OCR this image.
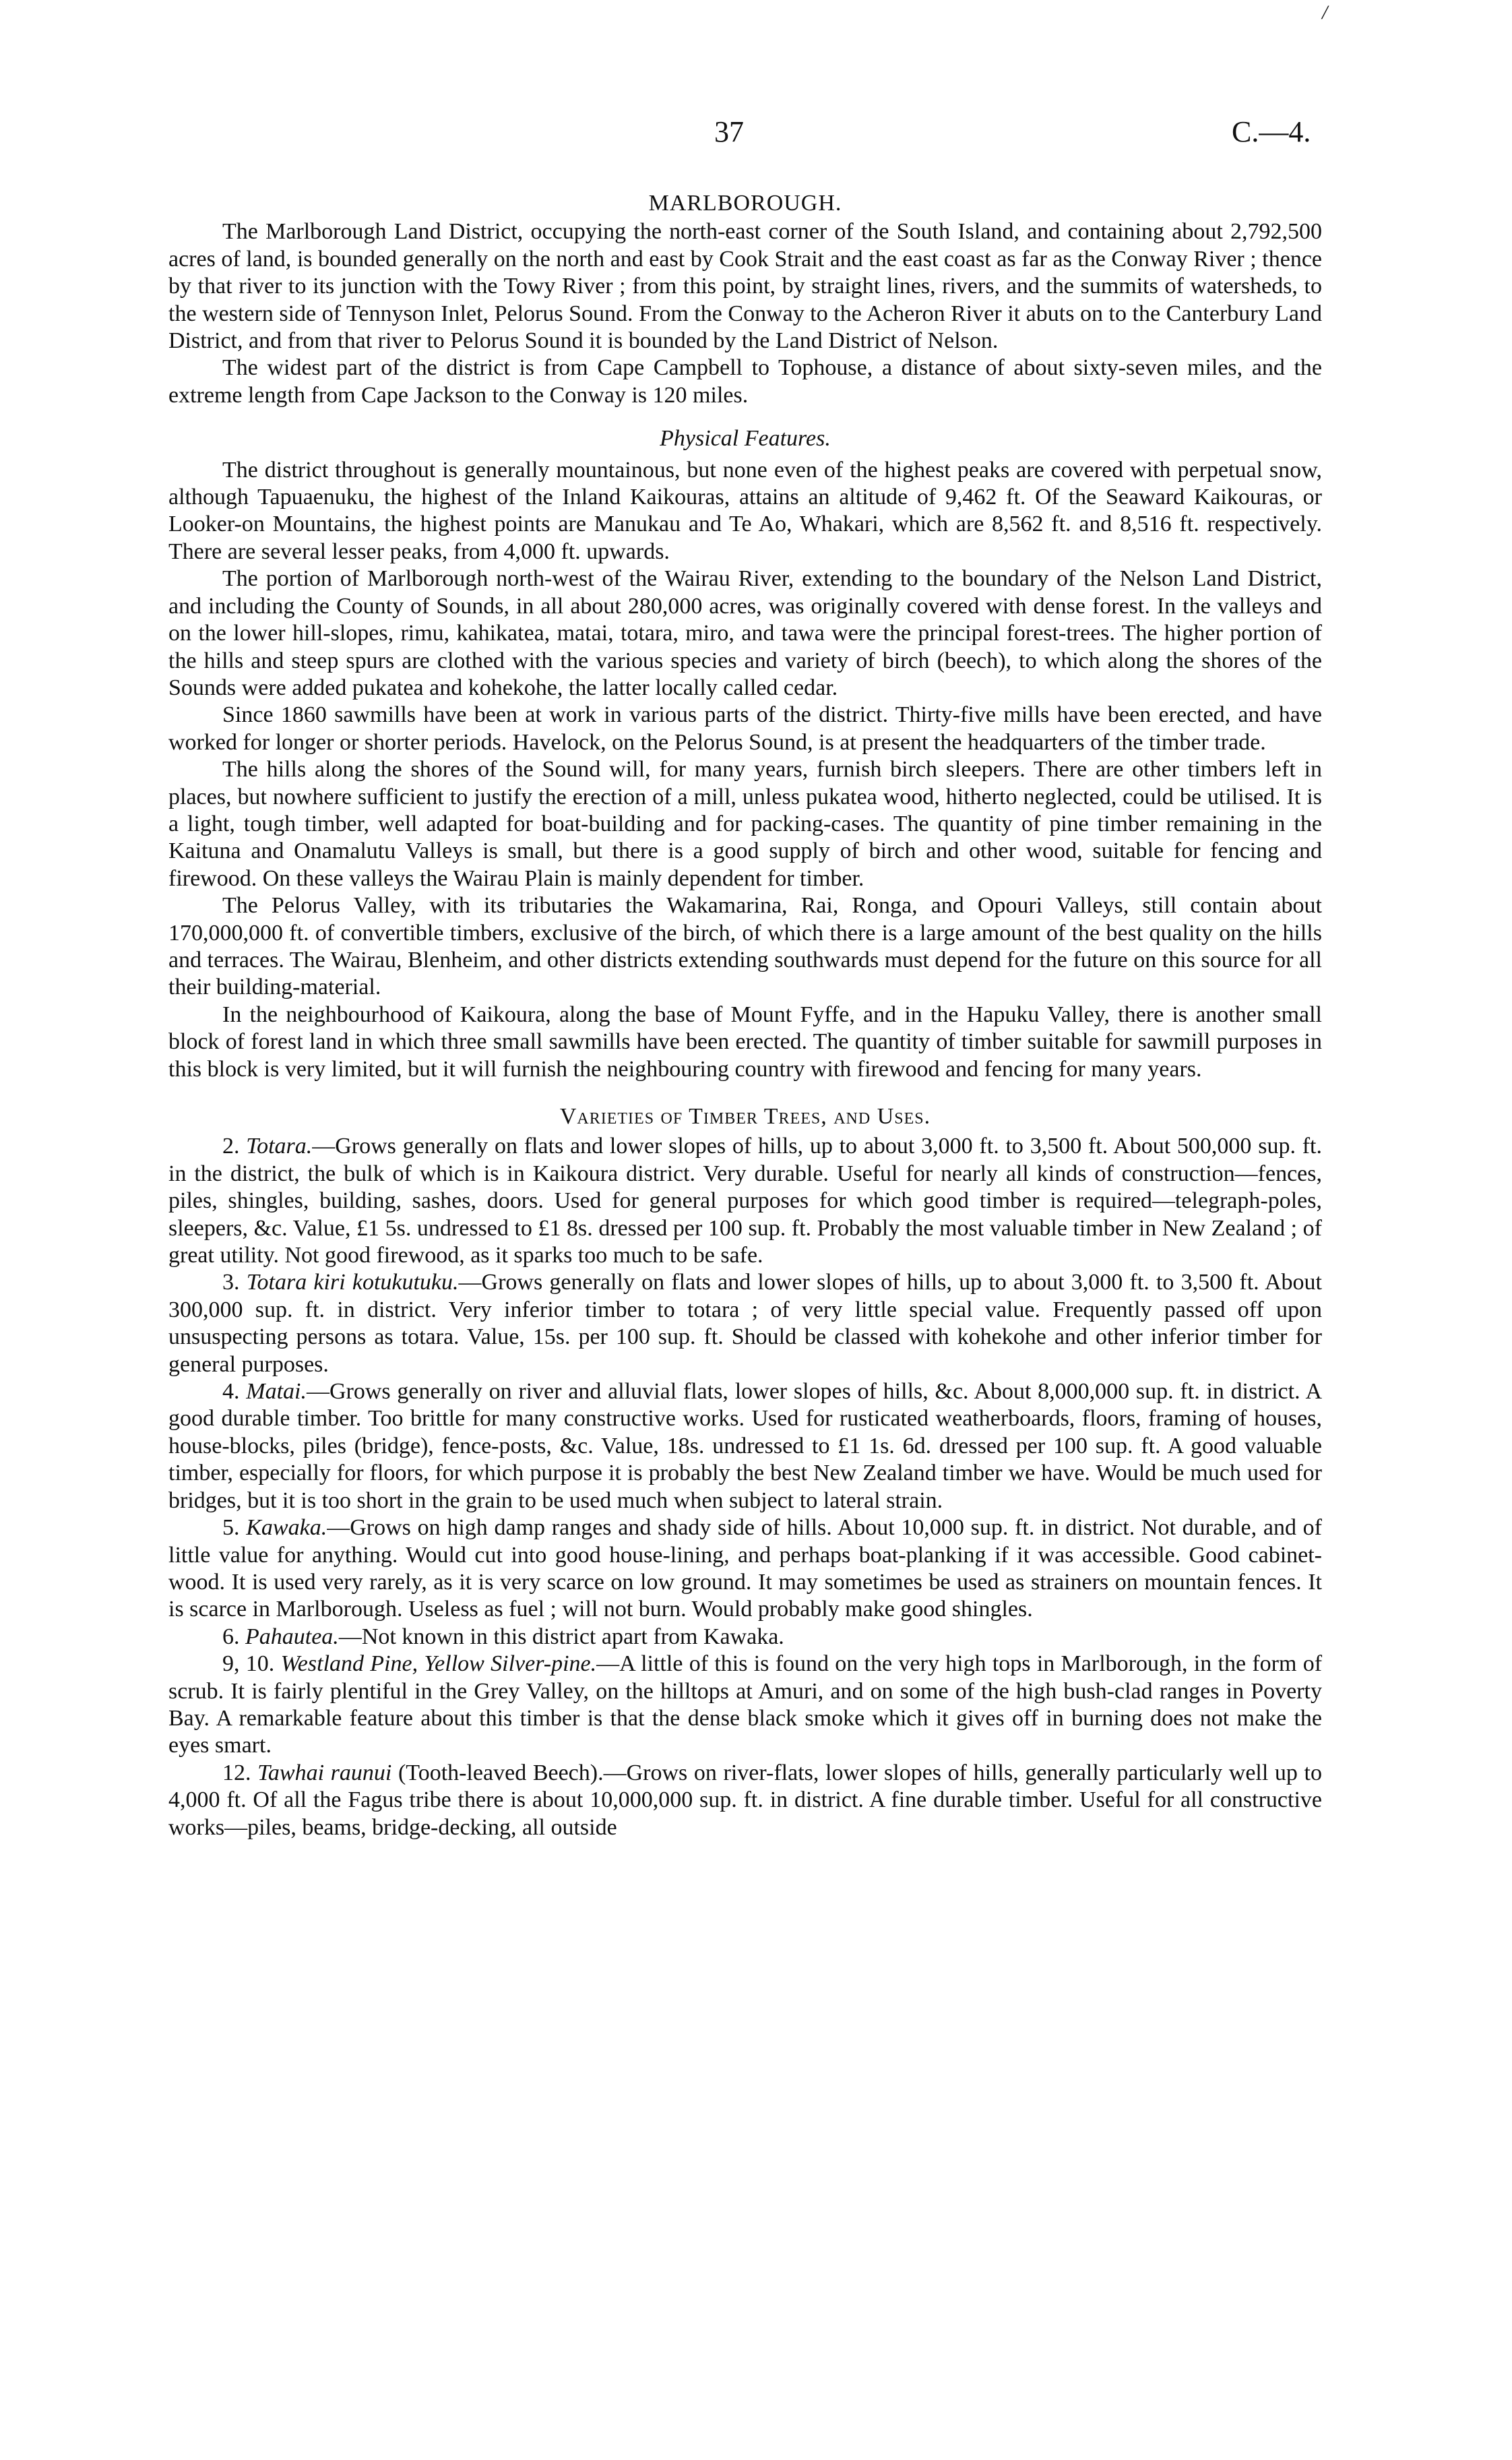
/
37	C.—4.
MARLBOROUGH.

The Marlborough Land District, occupying the north-east corner of the South Island, and containing about 2,792,500 acres of land, is bounded generally on the north and east by Cook Strait and the east coast as far as the Conway River ; thence by that river to its junction with the Towy River ; from this point, by straight lines, rivers, and the summits of watersheds, to the western side of Tennyson Inlet, Pelorus Sound. From the Conway to the Acheron River it abuts on to the Canterbury Land District, and from that river to Pelorus Sound it is bounded by the Land District of Nelson.

The widest part of the district is from Cape Campbell to Tophouse, a distance of about sixty-seven miles, and the extreme length from Cape Jackson to the Conway is 120 miles.

Physical Features.

The district throughout is generally mountainous, but none even of the highest peaks are covered with perpetual snow, although Tapuaenuku, the highest of the Inland Kaikouras, attains an altitude of 9,462 ft. Of the Seaward Kaikouras, or Looker-on Mountains, the highest points are Manukau and Te Ao, Whakari, which are 8,562 ft. and 8,516 ft. respectively. There are several lesser peaks, from 4,000 ft. upwards.

The portion of Marlborough north-west of the Wairau River, extending to the boundary of the Nelson Land District, and including the County of Sounds, in all about 280,000 acres, was originally covered with dense forest. In the valleys and on the lower hill-slopes, rimu, kahikatea, matai, totara, miro, and tawa were the principal forest-trees. The higher portion of the hills and steep spurs are clothed with the various species and variety of birch (beech), to which along the shores of the Sounds were added pukatea and kohekohe, the latter locally called cedar.

Since 1860 sawmills have been at work in various parts of the district. Thirty-five mills have been erected, and have worked for longer or shorter periods. Havelock, on the Pelorus Sound, is at present the headquarters of the timber trade.

The hills along the shores of the Sound will, for many years, furnish birch sleepers. There are other timbers left in places, but nowhere sufficient to justify the erection of a mill, unless pukatea wood, hitherto neglected, could be utilised. It is a light, tough timber, well adapted for boat-building and for packing-cases. The quantity of pine timber remaining in the Kaituna and Onamalutu Valleys is small, but there is a good supply of birch and other wood, suitable for fencing and firewood. On these valleys the Wairau Plain is mainly dependent for timber.

The Pelorus Valley, with its tributaries the Wakamarina, Rai, Ronga, and Opouri Valleys, still contain about 170,000,000 ft. of convertible timbers, exclusive of the birch, of which there is a large amount of the best quality on the hills and terraces. The Wairau, Blenheim, and other districts extending southwards must depend for the future on this source for all their building-material.

In the neighbourhood of Kaikoura, along the base of Mount Fyffe, and in the Hapuku Valley, there is another small block of forest land in which three small sawmills have been erected. The quantity of timber suitable for sawmill purposes in this block is very limited, but it will furnish the neighbouring country with firewood and fencing for many years.

Varieties of Timber Trees, and Uses.

2. Totara.—Grows generally on flats and lower slopes of hills, up to about 3,000 ft. to 3,500 ft. About 500,000 sup. ft. in the district, the bulk of which is in Kaikoura district. Very durable. Useful for nearly all kinds of construction—fences, piles, shingles, building, sashes, doors. Used for general purposes for which good timber is required—telegraph-poles, sleepers, &c. Value, £1 5s. undressed to £1 8s. dressed per 100 sup. ft. Probably the most valuable timber in New Zealand ; of great utility. Not good firewood, as it sparks too much to be safe.

3. Totara kiri kotukutuku.—Grows generally on flats and lower slopes of hills, up to about 3,000 ft. to 3,500 ft. About 300,000 sup. ft. in district. Very inferior timber to totara ; of very little special value. Frequently passed off upon unsuspecting persons as totara. Value, 15s. per 100 sup. ft. Should be classed with kohekohe and other inferior timber for general purposes.

4. Matai.—Grows generally on river and alluvial flats, lower slopes of hills, &c. About 8,000,000 sup. ft. in district. A good durable timber. Too brittle for many constructive works. Used for rusticated weatherboards, floors, framing of houses, house-blocks, piles (bridge), fence-posts, &c. Value, 18s. undressed to £1 1s. 6d. dressed per 100 sup. ft. A good valuable timber, especially for floors, for which purpose it is probably the best New Zealand timber we have. Would be much used for bridges, but it is too short in the grain to be used much when subject to lateral strain.

5. Kawaka.—Grows on high damp ranges and shady side of hills. About 10,000 sup. ft. in district. Not durable, and of little value for anything. Would cut into good house-lining, and perhaps boat-planking if it was accessible. Good cabinet-wood. It is used very rarely, as it is very scarce on low ground. It may sometimes be used as strainers on mountain fences. It is scarce in Marlborough. Useless as fuel ; will not burn. Would probably make good shingles.

6. Pahautea.—Not known in this district apart from Kawaka.

9, 10. Westland Pine, Yellow Silver-pine.—A little of this is found on the very high tops in Marlborough, in the form of scrub. It is fairly plentiful in the Grey Valley, on the hilltops at Amuri, and on some of the high bush-clad ranges in Poverty Bay. A remarkable feature about this timber is that the dense black smoke which it gives off in burning does not make the eyes smart.

12. Tawhai raunui (Tooth-leaved Beech).—Grows on river-flats, lower slopes of hills, generally particularly well up to 4,000 ft. Of all the Fagus tribe there is about 10,000,000 sup. ft. in district. A fine durable timber. Useful for all constructive works—piles, beams, bridge-decking, all outside
